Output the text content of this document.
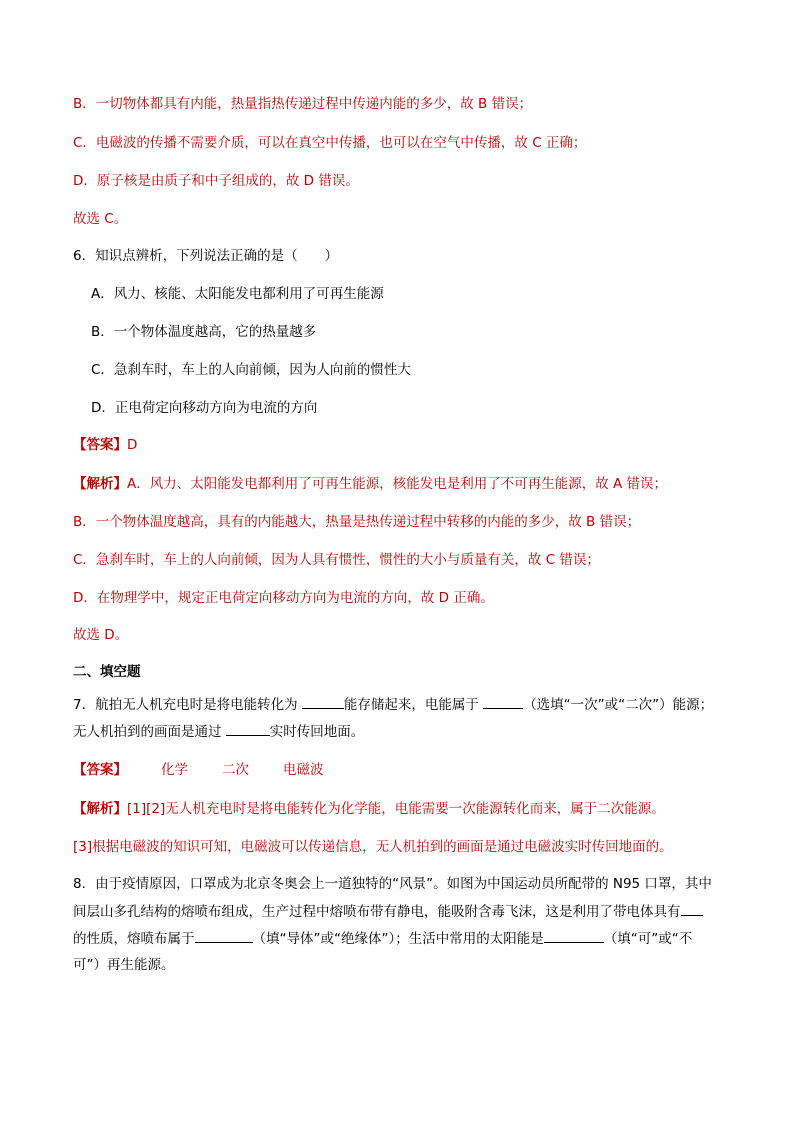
B．一切物体都具有内能，热量指热传递过程中传递内能的多少，故 B 错误；
C．电磁波的传播不需要介质，可以在真空中传播，也可以在空气中传播，故 C 正确；
D．原子核是由质子和中子组成的，故 D 错误。
故选 C。
6．知识点辨析，下列说法正确的是（　　）
A．风力、核能、太阳能发电都利用了可再生能源
B．一个物体温度越高，它的热量越多
C．急刹车时，车上的人向前倾，因为人向前的惯性大
D．正电荷定向移动方向为电流的方向
【答案】D
【解析】A．风力、太阳能发电都利用了可再生能源，核能发电是利用了不可再生能源，故 A 错误；
B．一个物体温度越高，具有的内能越大，热量是热传递过程中转移的内能的多少，故 B 错误；
C．急刹车时，车上的人向前倾，因为人具有惯性，惯性的大小与质量有关，故 C 错误；
D．在物理学中，规定正电荷定向移动方向为电流的方向，故 D 正确。
故选 D。
二、填空题
7．航拍无人机充电时是将电能转化为	能存储起来，电能属于	（选填“一次”或“二次”）能源；
无人机拍到的画面是通过	实时传回地面。
【答案】	化学	二次	电磁波
【解析】[1][2]无人机充电时是将电能转化为化学能，电能需要一次能源转化而来，属于二次能源。
[3]根据电磁波的知识可知，电磁波可以传递信息，无人机拍到的画面是通过电磁波实时传回地面的。
8．由于疫情原因，口罩成为北京冬奥会上一道独特的“风景”。如图为中国运动员所配带的 N95 口罩，其中
间层山多孔结构的熔喷布组成，生产过程中熔喷布带有静电，能吸附含毒飞沫，这是利用了带电体具有
的性质，熔喷布属于	（填“导体”或“绝缘体”）；生活中常用的太阳能是	（填“可”或“不
可”）再生能源。
